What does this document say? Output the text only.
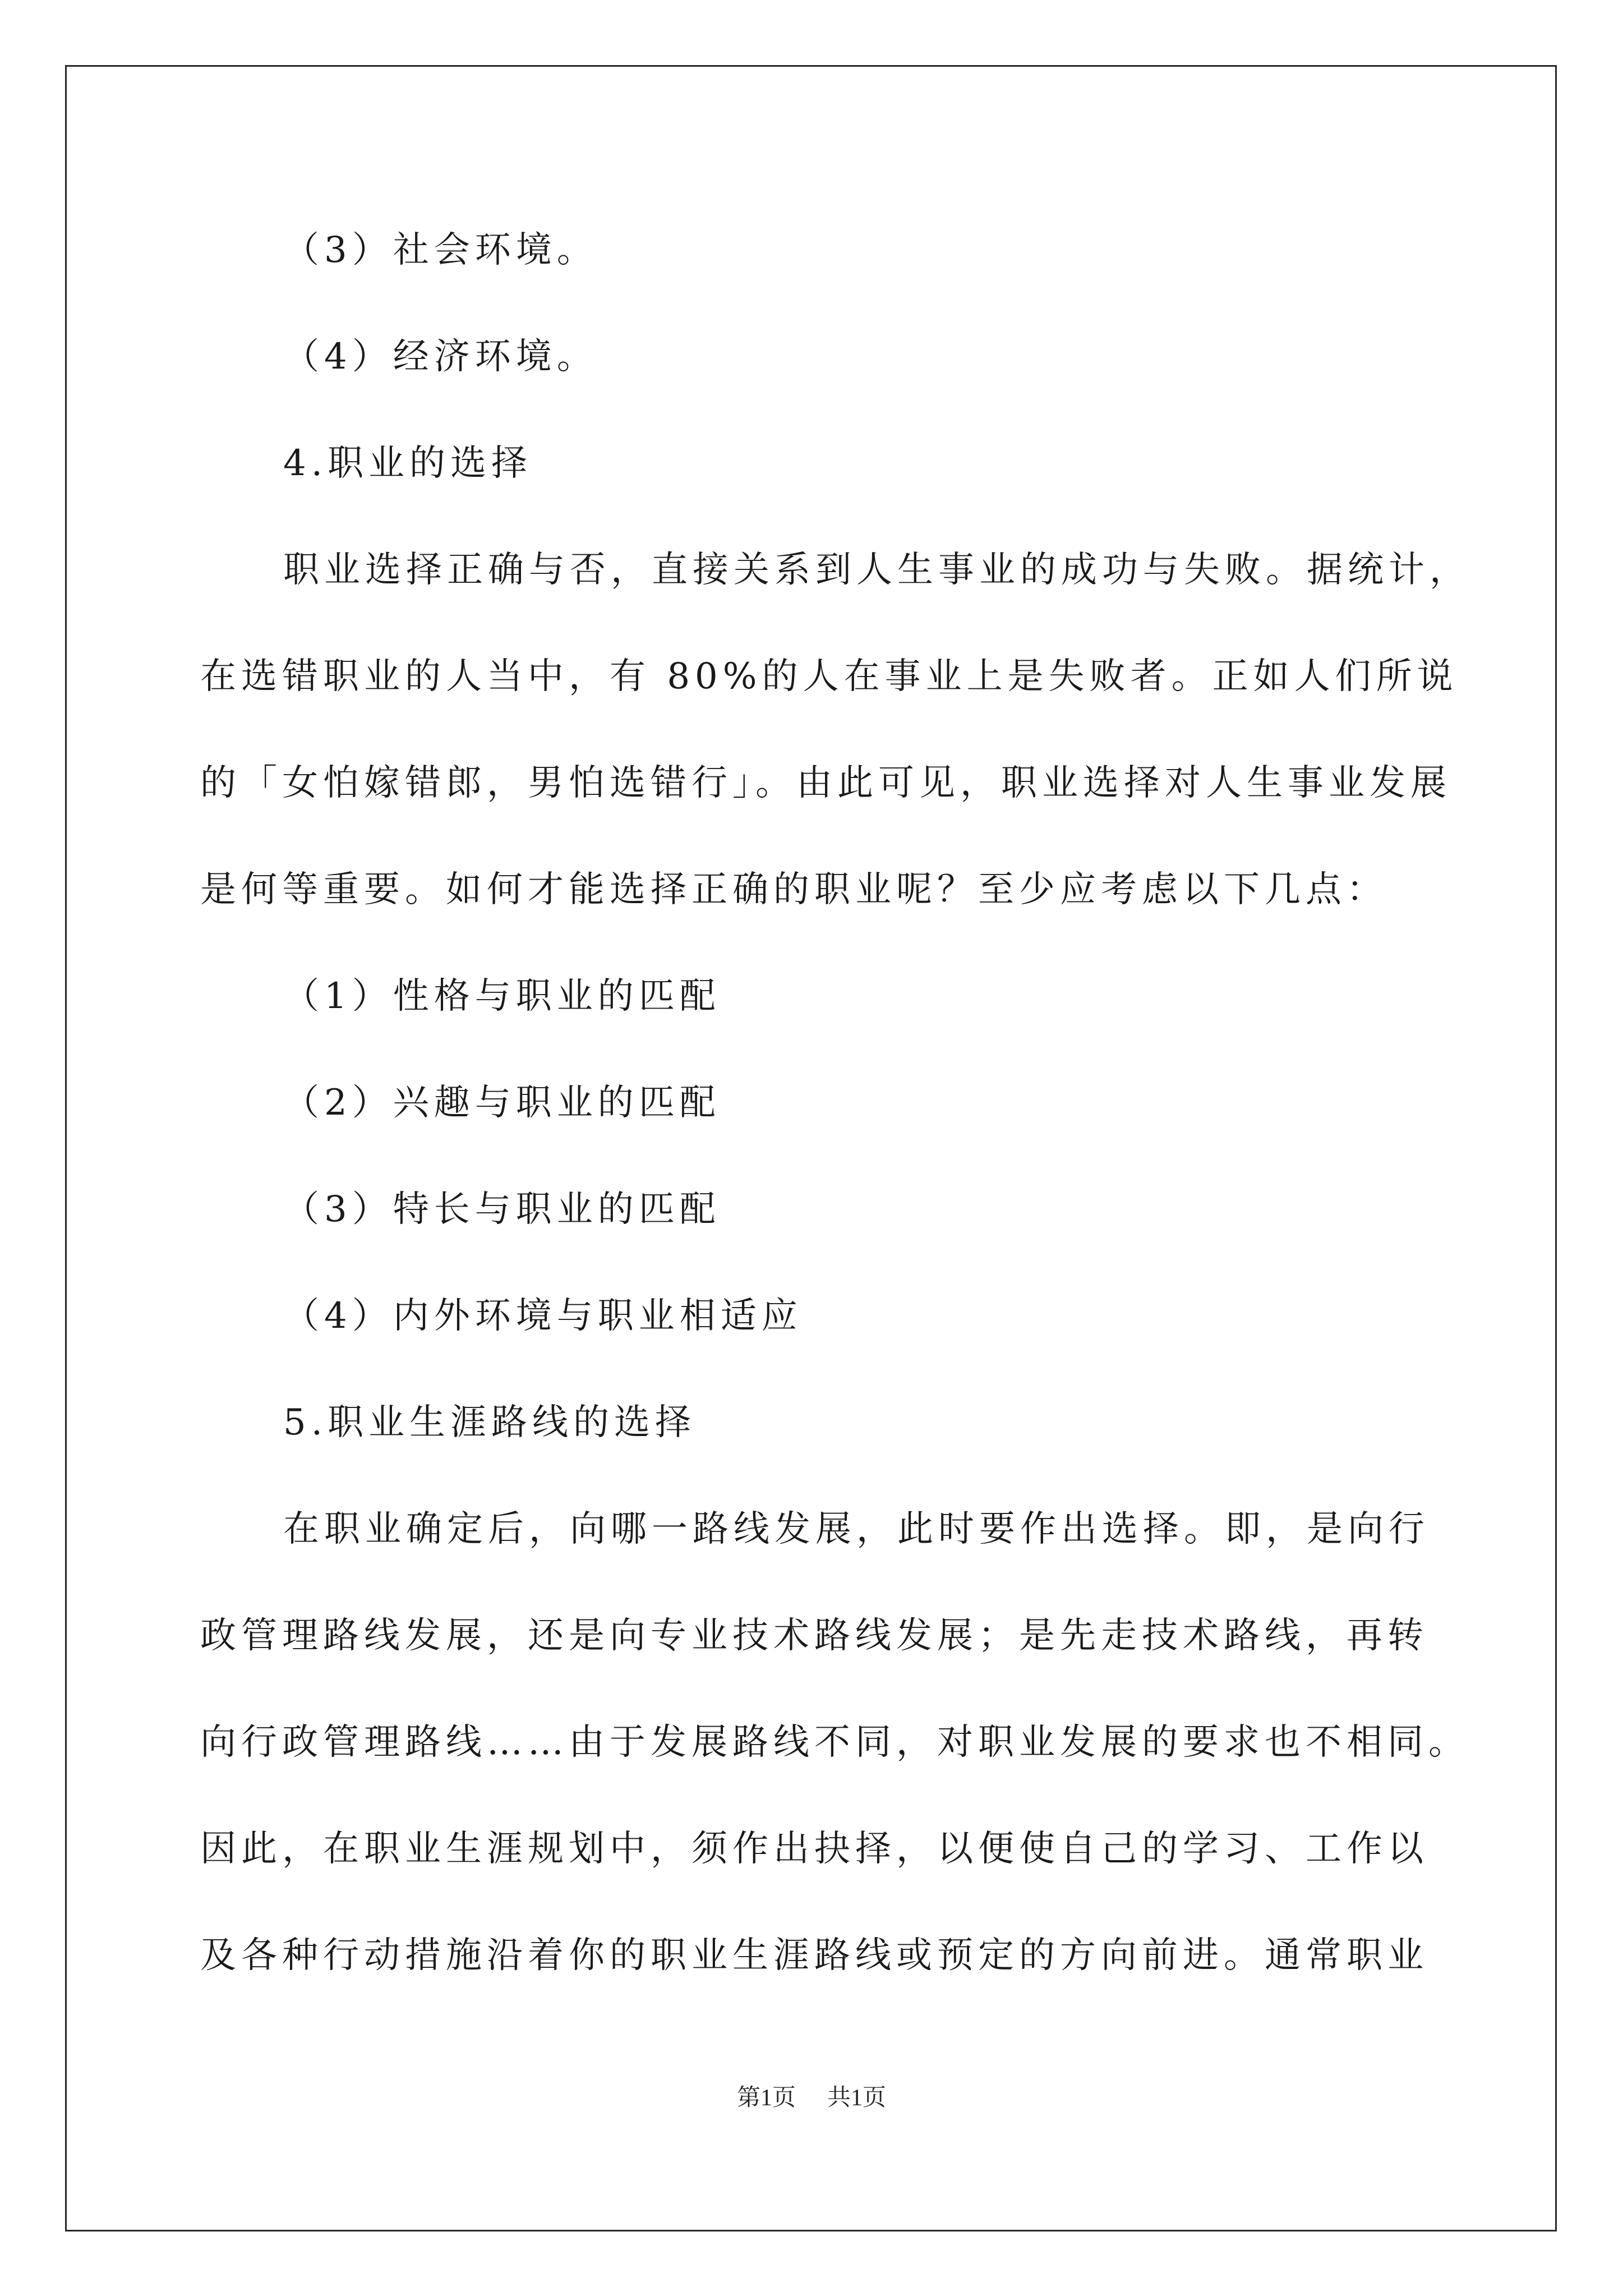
（3）社会环境。
（4）经济环境。
4.职业的选择
职业选择正确与否，直接关系到人生事业的成功与失败。据统计，
在选错职业的人当中，有 80%的人在事业上是失败者。正如人们所说
的「女怕嫁错郎，男怕选错行」。由此可见，职业选择对人生事业发展
是何等重要。如何才能选择正确的职业呢？至少应考虑以下几点：
（1）性格与职业的匹配
（2）兴趣与职业的匹配
（3）特长与职业的匹配
（4）内外环境与职业相适应
5.职业生涯路线的选择
在职业确定后，向哪一路线发展，此时要作出选择。即，是向行
政管理路线发展，还是向专业技术路线发展；是先走技术路线，再转
向行政管理路线……由于发展路线不同，对职业发展的要求也不相同。
因此，在职业生涯规划中，须作出抉择，以便使自己的学习、工作以
及各种行动措施沿着你的职业生涯路线或预定的方向前进。通常职业
第1页 共1页
